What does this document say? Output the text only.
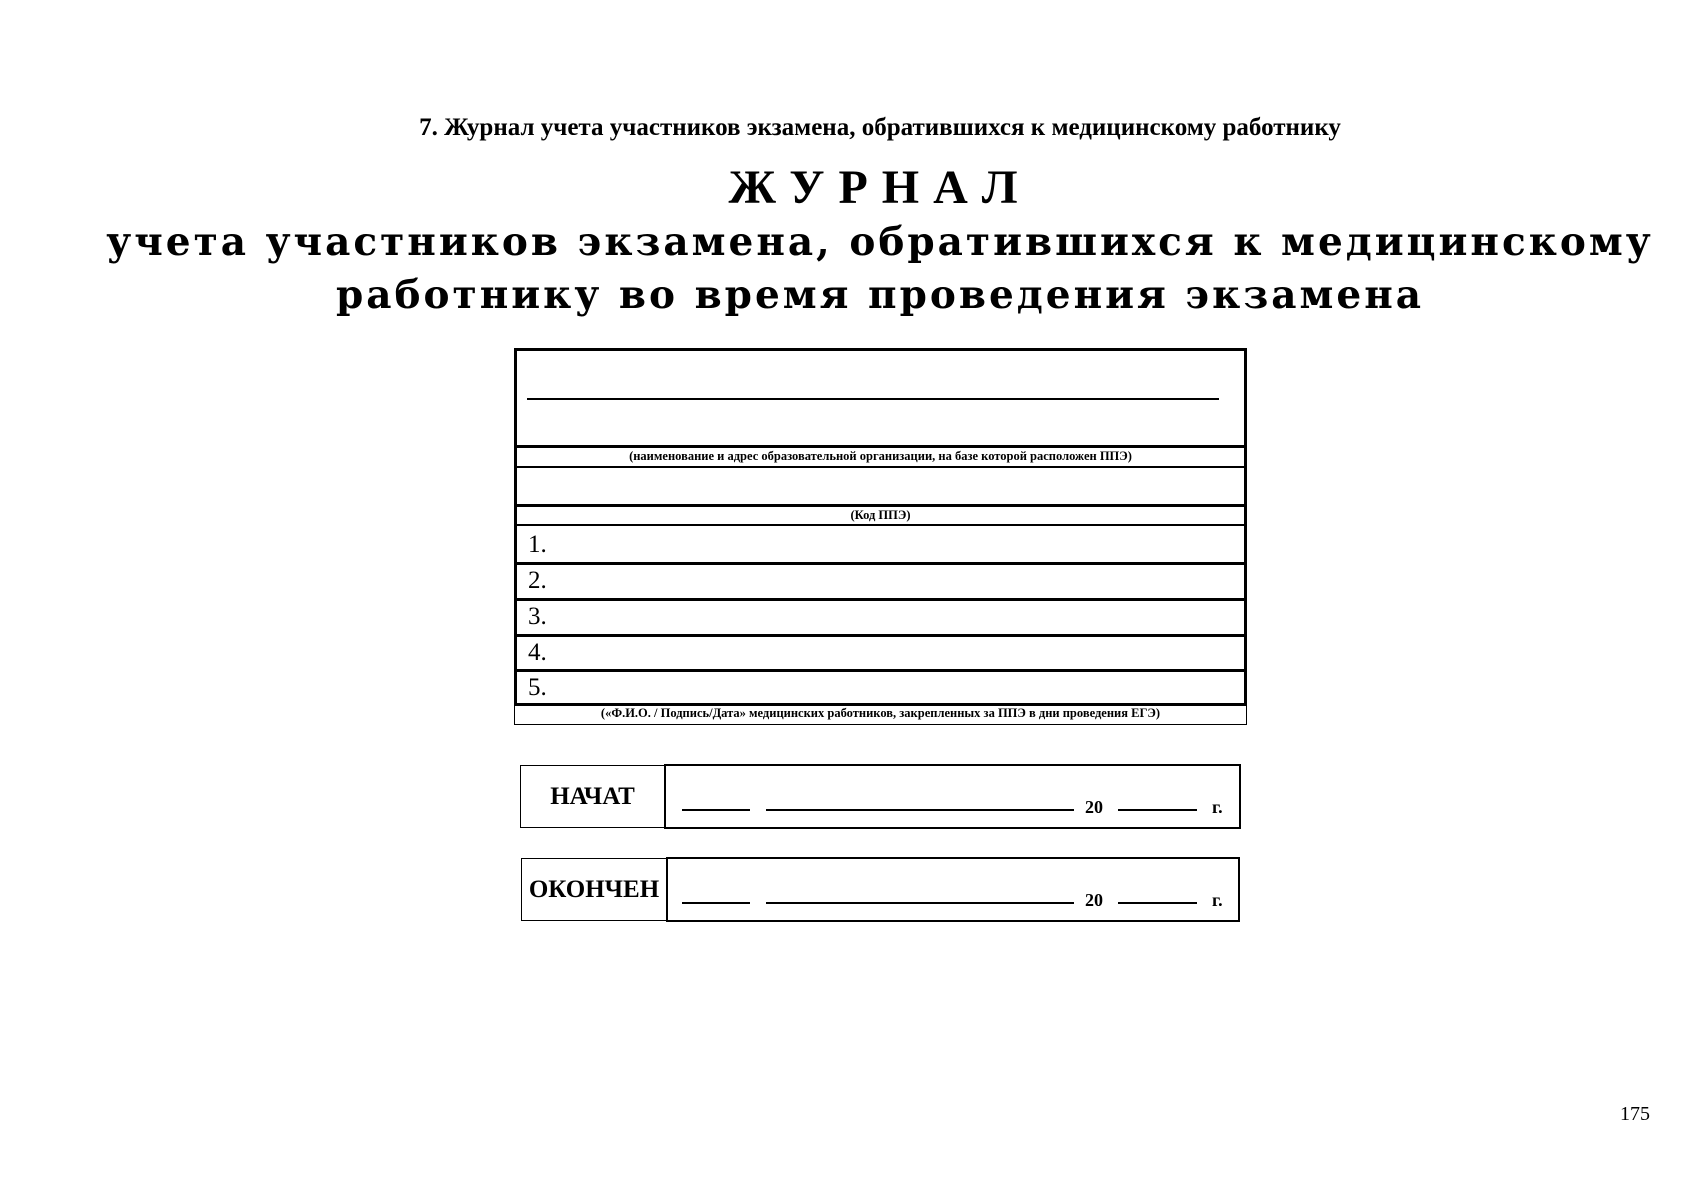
7. Журнал учета участников экзамена, обратившихся к медицинскому работнику
ЖУРНАЛ
учета участников экзамена, обратившихся к медицинскому
работнику во время проведения экзамена
(наименование и адрес образовательной организации, на базе которой расположен ППЭ)
(Код ППЭ)
1.
2.
3.
4.
5.
(«Ф.И.О. / Подпись/Дата» медицинских работников, закрепленных за ППЭ в дни проведения ЕГЭ)
НАЧАТ	20	г.
ОКОНЧЕН	20	г.
175
